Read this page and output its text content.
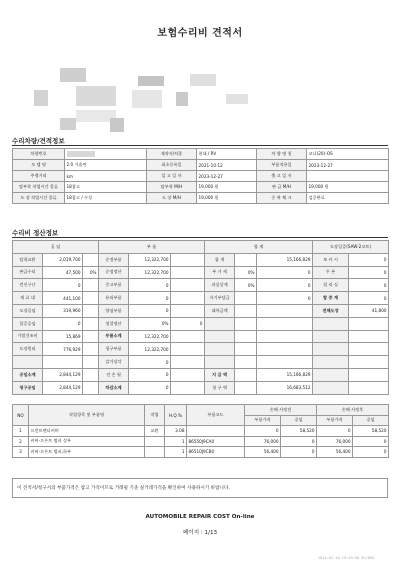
보험수리비 견적서
수리차량/견적정보
차량번호		제작사/차종	현대 / RV	차 량 명 칭	코나(20)-OS
모 델 명	2.0 가솔린	최초등록일	2021-10-12	부품적용일	2023-12-27
주행거리	km	입 고 일 자	2023-12-27	출 고 일 자	
탈부착 작업시간 종류	18참고	탈부착 M/H	19,000 원	판 금 M/H	19,000 원
도 장 작업시간 종류	18참고 / 수성	도 장 M/H	19,000 원	중 복 체 크	검증완료
수리비 정산정보
공 임			부 품			합 계			도장일증(SAW-2코트)	
탈착교환	2,019,700		순정부품	12,322,700		합 계		15,166,829	보 카 시	0
판금수리	47,500	0%	순정정산	12,322,700		부 가 세	0%	0	투 톤	0
견인구난	0		중고부품	0		과실상계	0%	0	펄 리 싱	0
재 료 대	441,100		유리부품	0		자기부담금		0	할 증 계	0
도장공임	319,960		양심부품	0		대차금액			전체도장	41,800
할증공임	0		정찰정산	0%	0					
가열건조비	15,869		부품소계	12,322,700						
도장원리	776,929		청구부품	12,322,700						
			감가상각	0						
공임소계	2,844,129		전 손 월	0		지 급 액		15,166,829		
청구공임	2,844,129		차감소계	0		청 구 액		16,683,512		
NO	작업항목 및 부품명	작업	H.Q.%	부품코드	손해 사정전		손해 사정후	
					부품가격	공임	부품가격	공임
1	프런트펜더커버	교환	3.08		0	58,520	0	58,520
2	커버-프론트 범퍼 상부		1	86550J9CA0	76,000	0	76,000	0
3	커버-프론트 범퍼,하부		1	86510J9CB0	56,400	0	56,400	0
이 견적서/청구서의 부품가격은 참고 가격이므로 거래될 기준 실거래가격을 확인하여 사용하시기 바랍니다.
AUTOMOBILE REPAIR COST On-line
페이지 : 1/13
2024-01-10 10:29:58 02/005
